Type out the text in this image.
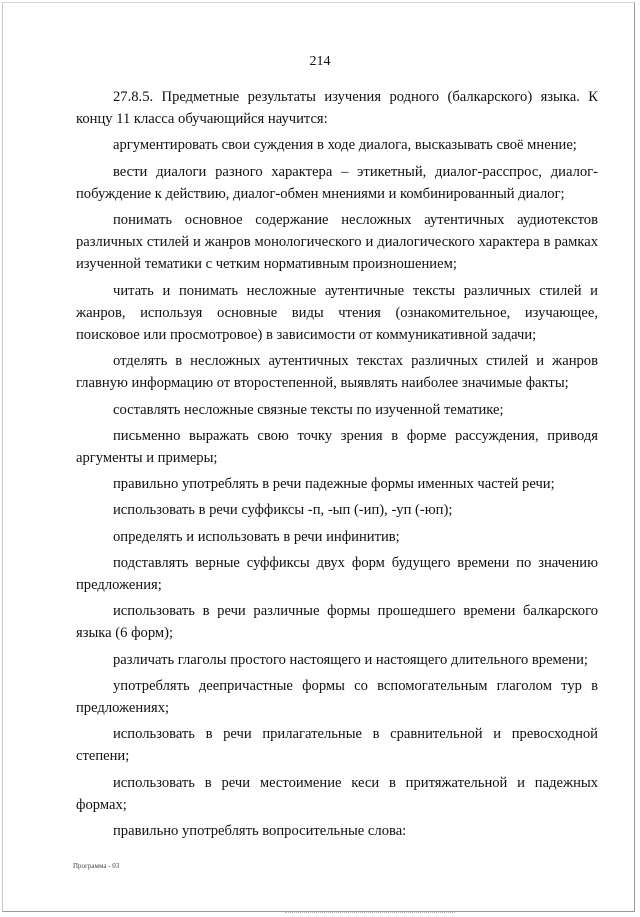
214

27.8.5. Предметные результаты изучения родного (балкарского) языка. К концу 11 класса обучающийся научится:

аргументировать свои суждения в ходе диалога, высказывать своё мнение;

вести диалоги разного характера – этикетный, диалог-расспрос, диалог-побуждение к действию, диалог-обмен мнениями и комбинированный диалог;

понимать основное содержание несложных аутентичных аудиотекстов различных стилей и жанров монологического и диалогического характера в рамках изученной тематики с четким нормативным произношением;

читать и понимать несложные аутентичные тексты различных стилей и жанров, используя основные виды чтения (ознакомительное, изучающее, поисковое или просмотровое) в зависимости от коммуникативной задачи;

отделять в несложных аутентичных текстах различных стилей и жанров главную информацию от второстепенной, выявлять наиболее значимые факты;

составлять несложные связные тексты по изученной тематике;

письменно выражать свою точку зрения в форме рассуждения, приводя аргументы и примеры;

правильно употреблять в речи падежные формы именных частей речи;

использовать в речи суффиксы -п, -ып (-ип), -уп (-юп);

определять и использовать в речи инфинитив;

подставлять верные суффиксы двух форм будущего времени по значению предложения;

использовать в речи различные формы прошедшего времени балкарского языка (6 форм);

различать глаголы простого настоящего и настоящего длительного времени;

употреблять деепричастные формы со вспомогательным глаголом тур в предложениях;

использовать в речи прилагательные в сравнительной и превосходной степени;

использовать в речи местоимение кеси в притяжательной и падежных формах;

правильно употреблять вопросительные слова:

Программа - 03
